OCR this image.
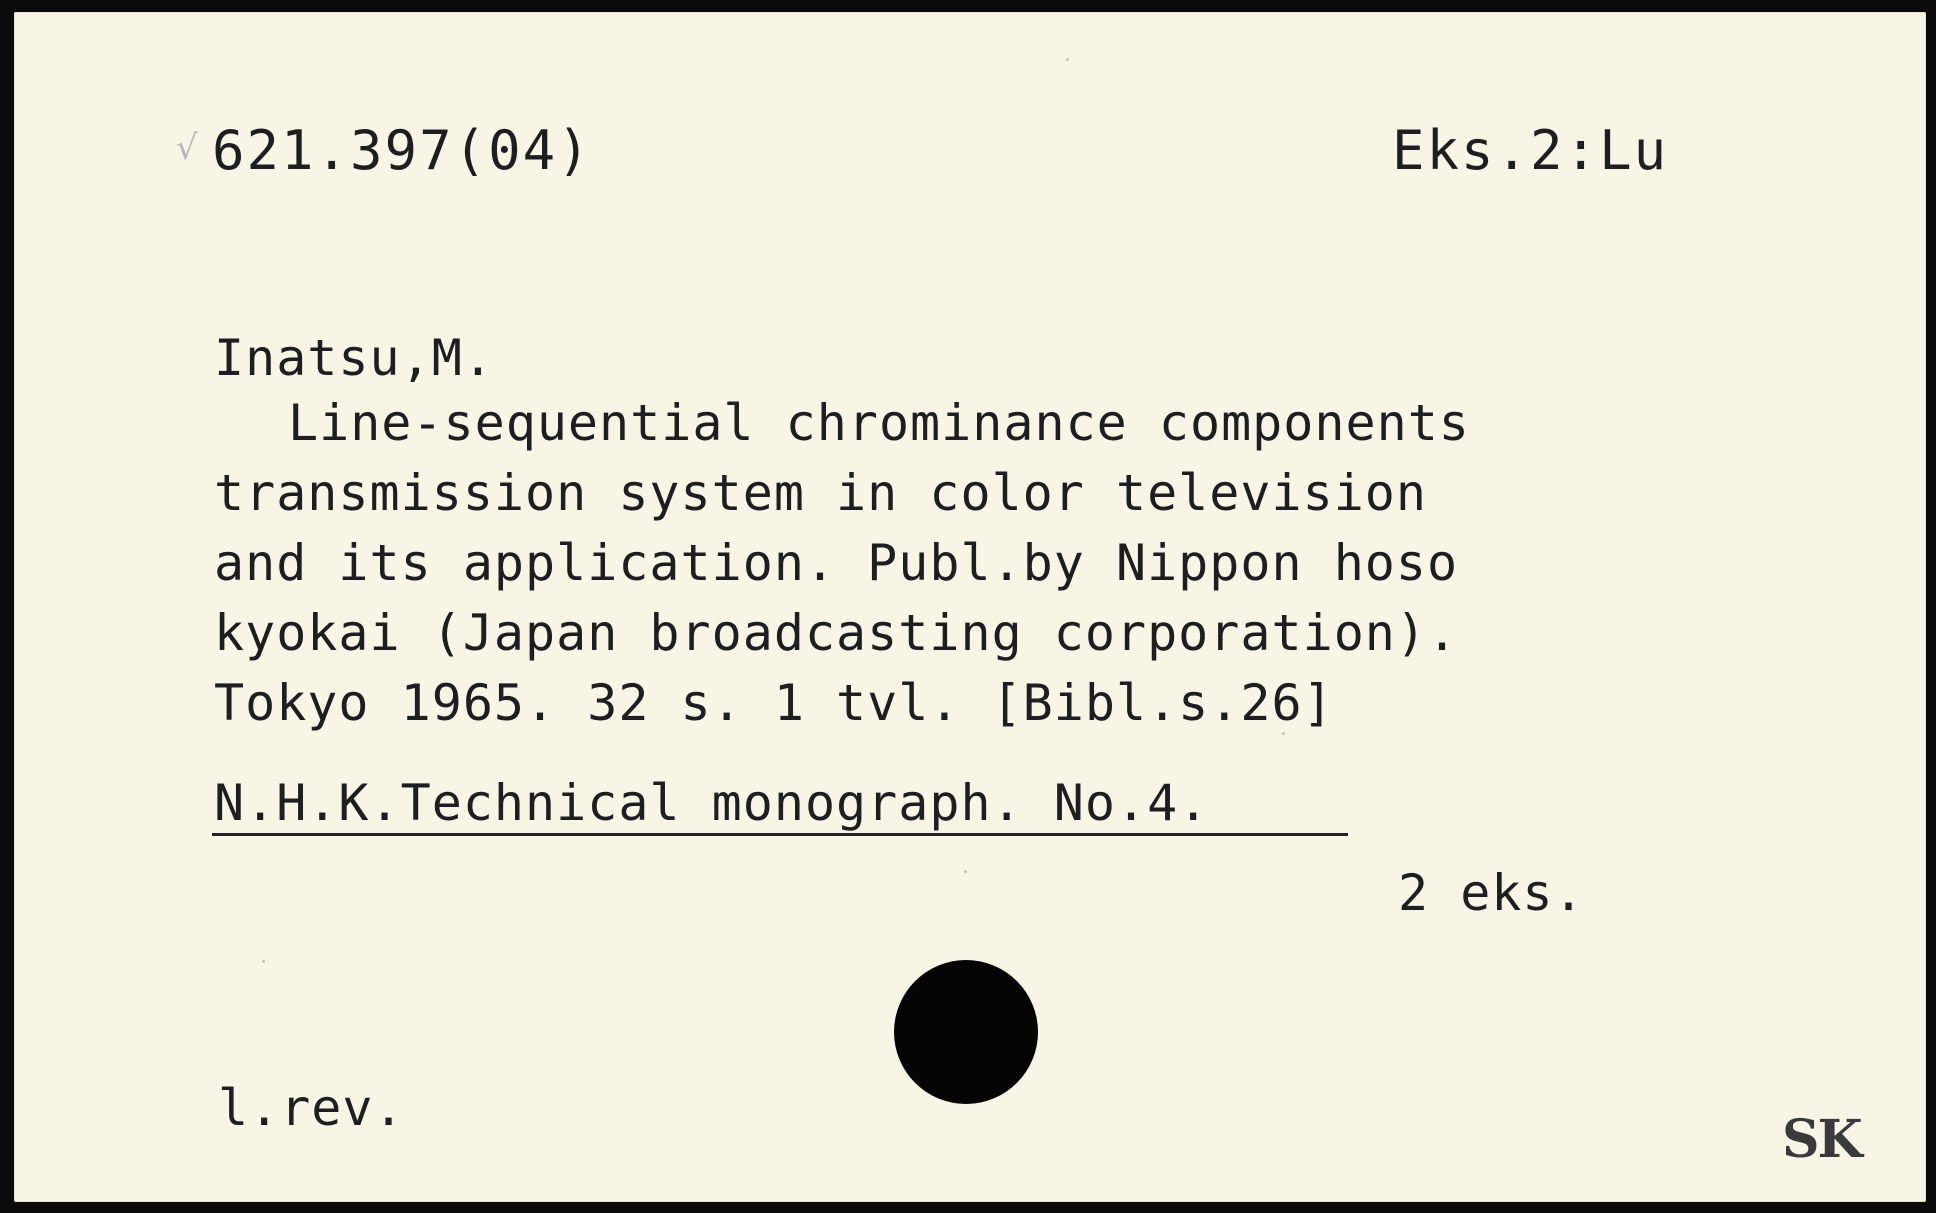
√ 621.397(04)	Eks.2:Lu
Inatsu,M.
Line-sequential chrominance components
transmission system in color television
and its application. Publ.by Nippon hoso
kyokai (Japan broadcasting corporation).
Tokyo 1965. 32 s. 1 tvl. [Bibl.s.26]
N.H.K.Technical monograph. No.4.
2 eks.
l.rev.
SK
